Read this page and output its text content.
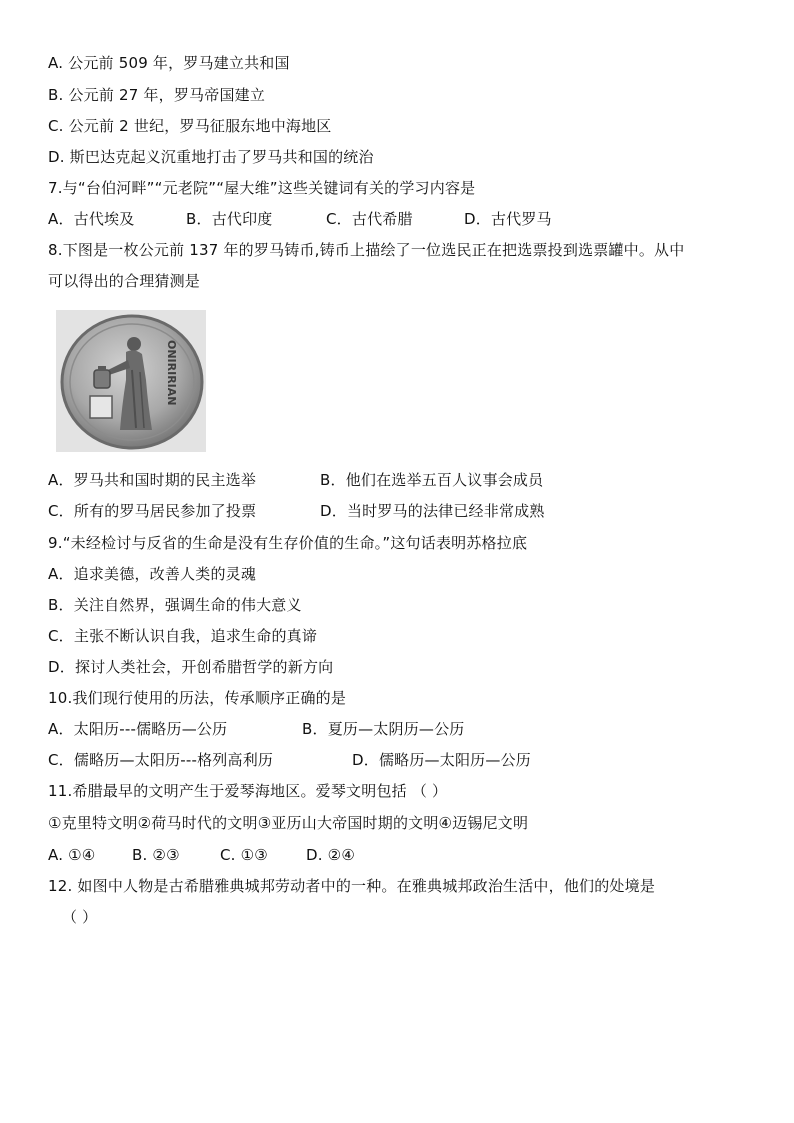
A. 公元前 509 年，罗马建立共和国
B. 公元前 27 年，罗马帝国建立
C. 公元前 2 世纪，罗马征服东地中海地区
D. 斯巴达克起义沉重地打击了罗马共和国的统治
7.与“台伯河畔”“元老院”“屋大维”这些关键词有关的学习内容是
A．古代埃及	B．古代印度	C．古代希腊	D．古代罗马
8.下图是一枚公元前 137 年的罗马铸币,铸币上描绘了一位选民正在把选票投到选票罐中。从中
可以得出的合理猜测是
ONIRIRIAN
A．罗马共和国时期的民主选举	B．他们在选举五百人议事会成员
C．所有的罗马居民参加了投票	D．当时罗马的法律已经非常成熟
9.“未经检讨与反省的生命是没有生存价值的生命。”这句话表明苏格拉底
A．追求美德，改善人类的灵魂
B．关注自然界，强调生命的伟大意义
C．主张不断认识自我，追求生命的真谛
D．探讨人类社会，开创希腊哲学的新方向
10.我们现行使用的历法，传承顺序正确的是
A．太阳历---儒略历—公历	B．夏历—太阴历—公历
C．儒略历—太阳历---格列高利历	D．儒略历—太阳历—公历
11.希腊最早的文明产生于爱琴海地区。爱琴文明包括 （ ）
①克里特文明②荷马时代的文明③亚历山大帝国时期的文明④迈锡尼文明
A. ①④ B. ②③	C. ①③	D. ②④
12. 如图中人物是古希腊雅典城邦劳动者中的一种。在雅典城邦政治生活中，他们的处境是
（ ）
